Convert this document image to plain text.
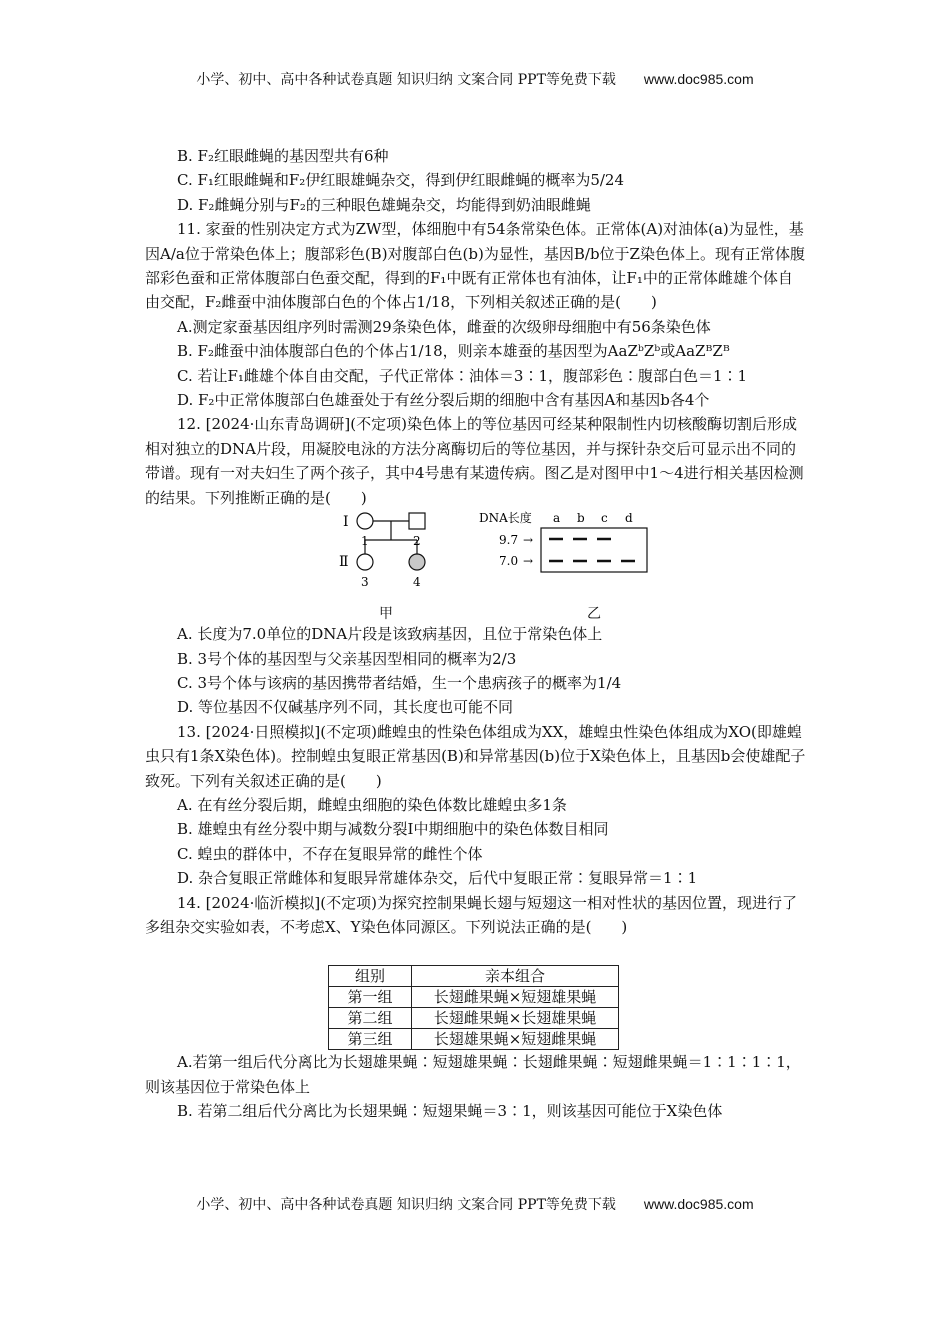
小学、初中、高中各种试卷真题 知识归纳 文案合同 PPT等免费下载 www.doc985.com

B. F₂红眼雌蝇的基因型共有6种

C. F₁红眼雌蝇和F₂伊红眼雄蝇杂交，得到伊红眼雌蝇的概率为5/24

D. F₂雌蝇分别与F₂的三种眼色雄蝇杂交，均能得到奶油眼雌蝇

11. 家蚕的性别决定方式为ZW型，体细胞中有54条常染色体。正常体(A)对油体(a)为显性，基因A/a位于常染色体上；腹部彩色(B)对腹部白色(b)为显性，基因B/b位于Z染色体上。现有正常体腹部彩色蚕和正常体腹部白色蚕交配，得到的F₁中既有正常体也有油体，让F₁中的正常体雌雄个体自由交配，F₂雌蚕中油体腹部白色的个体占1/18，下列相关叙述正确的是(　　)

A.测定家蚕基因组序列时需测29条染色体，雌蚕的次级卵母细胞中有56条染色体

B. F₂雌蚕中油体腹部白色的个体占1/18，则亲本雄蚕的基因型为AaZᵇZᵇ或AaZᴮZᴮ

C. 若让F₁雌雄个体自由交配，子代正常体∶油体＝3∶1，腹部彩色∶腹部白色＝1∶1

D. F₂中正常体腹部白色雄蚕处于有丝分裂后期的细胞中含有基因A和基因b各4个

12. [2024·山东青岛调研](不定项)染色体上的等位基因可经某种限制性内切核酸酶切割后形成相对独立的DNA片段，用凝胶电泳的方法分离酶切后的等位基因，并与探针杂交后可显示出不同的带谱。现有一对夫妇生了两个孩子，其中4号患有某遗传病。图乙是对图甲中1～4进行相关基因检测的结果。下列推断正确的是(　　)

Ⅰ
Ⅱ
1	2
3	4
甲
DNA长度 a b c d
9.7 →
7.0 →
乙

A. 长度为7.0单位的DNA片段是该致病基因，且位于常染色体上

B. 3号个体的基因型与父亲基因型相同的概率为2/3

C. 3号个体与该病的基因携带者结婚，生一个患病孩子的概率为1/4

D. 等位基因不仅碱基序列不同，其长度也可能不同

13. [2024·日照模拟](不定项)雌蝗虫的性染色体组成为XX，雄蝗虫性染色体组成为XO(即雄蝗虫只有1条X染色体)。控制蝗虫复眼正常基因(B)和异常基因(b)位于X染色体上，且基因b会使雄配子致死。下列有关叙述正确的是(　　)

A. 在有丝分裂后期，雌蝗虫细胞的染色体数比雄蝗虫多1条

B. 雄蝗虫有丝分裂中期与减数分裂Ⅰ中期细胞中的染色体数目相同

C. 蝗虫的群体中，不存在复眼异常的雌性个体

D. 杂合复眼正常雌体和复眼异常雄体杂交，后代中复眼正常∶复眼异常＝1∶1

14. [2024·临沂模拟](不定项)为探究控制果蝇长翅与短翅这一相对性状的基因位置，现进行了多组杂交实验如表，不考虑X、Y染色体同源区。下列说法正确的是(　　)

组别	亲本组合
第一组	长翅雌果蝇×短翅雄果蝇
第二组	长翅雌果蝇×长翅雄果蝇
第三组	长翅雄果蝇×短翅雌果蝇

A.若第一组后代分离比为长翅雄果蝇∶短翅雄果蝇∶长翅雌果蝇∶短翅雌果蝇＝1∶1∶1∶1，则该基因位于常染色体上

B. 若第二组后代分离比为长翅果蝇∶短翅果蝇＝3∶1，则该基因可能位于X染色体

小学、初中、高中各种试卷真题 知识归纳 文案合同 PPT等免费下载 www.doc985.com
